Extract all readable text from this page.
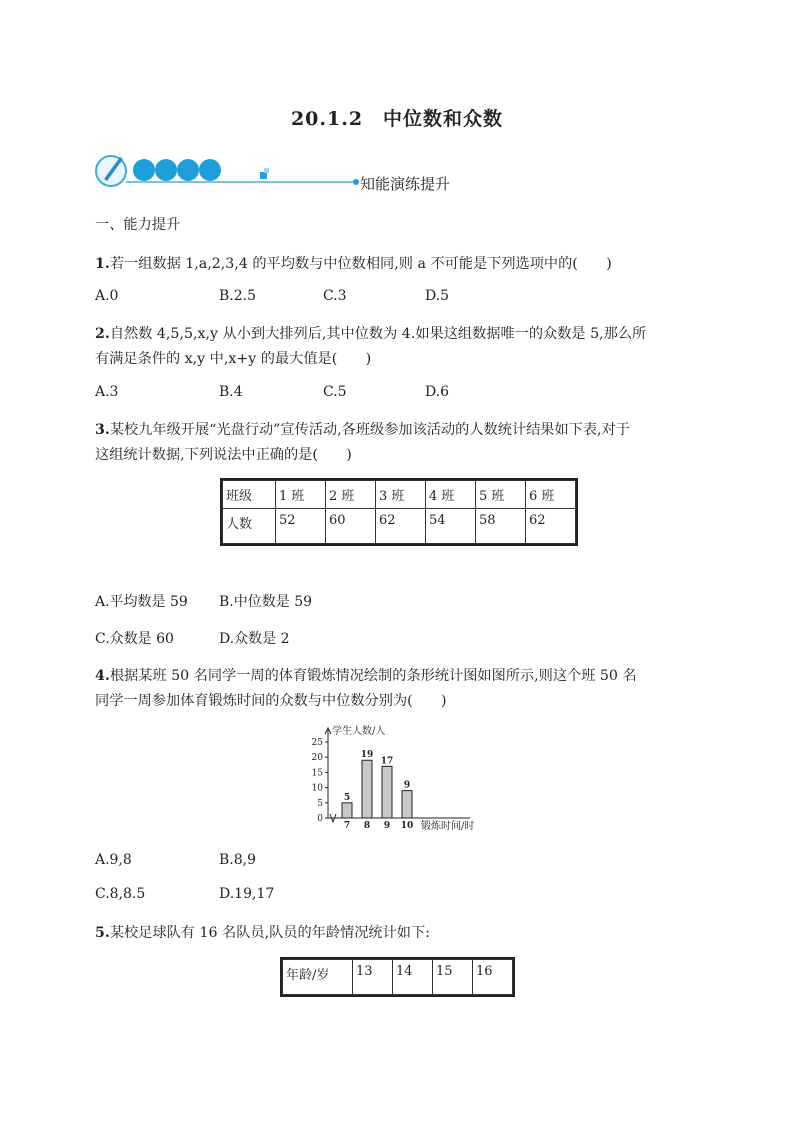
20.1.2　中位数和众数
知能演练提升
一、能力提升
1.若一组数据 1,a,2,3,4 的平均数与中位数相同,则 a 不可能是下列选项中的(　　)
A.0	B.2.5	C.3	D.5
2.自然数 4,5,5,x,y 从小到大排列后,其中位数为 4.如果这组数据唯一的众数是 5,那么所
有满足条件的 x,y 中,x+y 的最大值是(　　)
A.3	B.4	C.5	D.6
3.某校九年级开展“光盘行动”宣传活动,各班级参加该活动的人数统计结果如下表,对于
这组统计数据,下列说法中正确的是(　　)
班级	1 班	2 班	3 班	4 班	5 班	6 班
人数	52	60	62	54	58	62
A.平均数是 59 B.中位数是 59
C.众数是 60	D.众数是 2
4.根据某班 50 名同学一周的体育锻炼情况绘制的条形统计图如图所示,则这个班 50 名
同学一周参加体育锻炼时间的众数与中位数分别为(　　)
学生人数/人
0
5
10
15
20
25
5
7
19
8
17
9
9
10 锻炼时间/时
A.9,8	B.8,9
C.8,8.5	D.19,17
5.某校足球队有 16 名队员,队员的年龄情况统计如下:
年龄/岁	13	14	15	16
